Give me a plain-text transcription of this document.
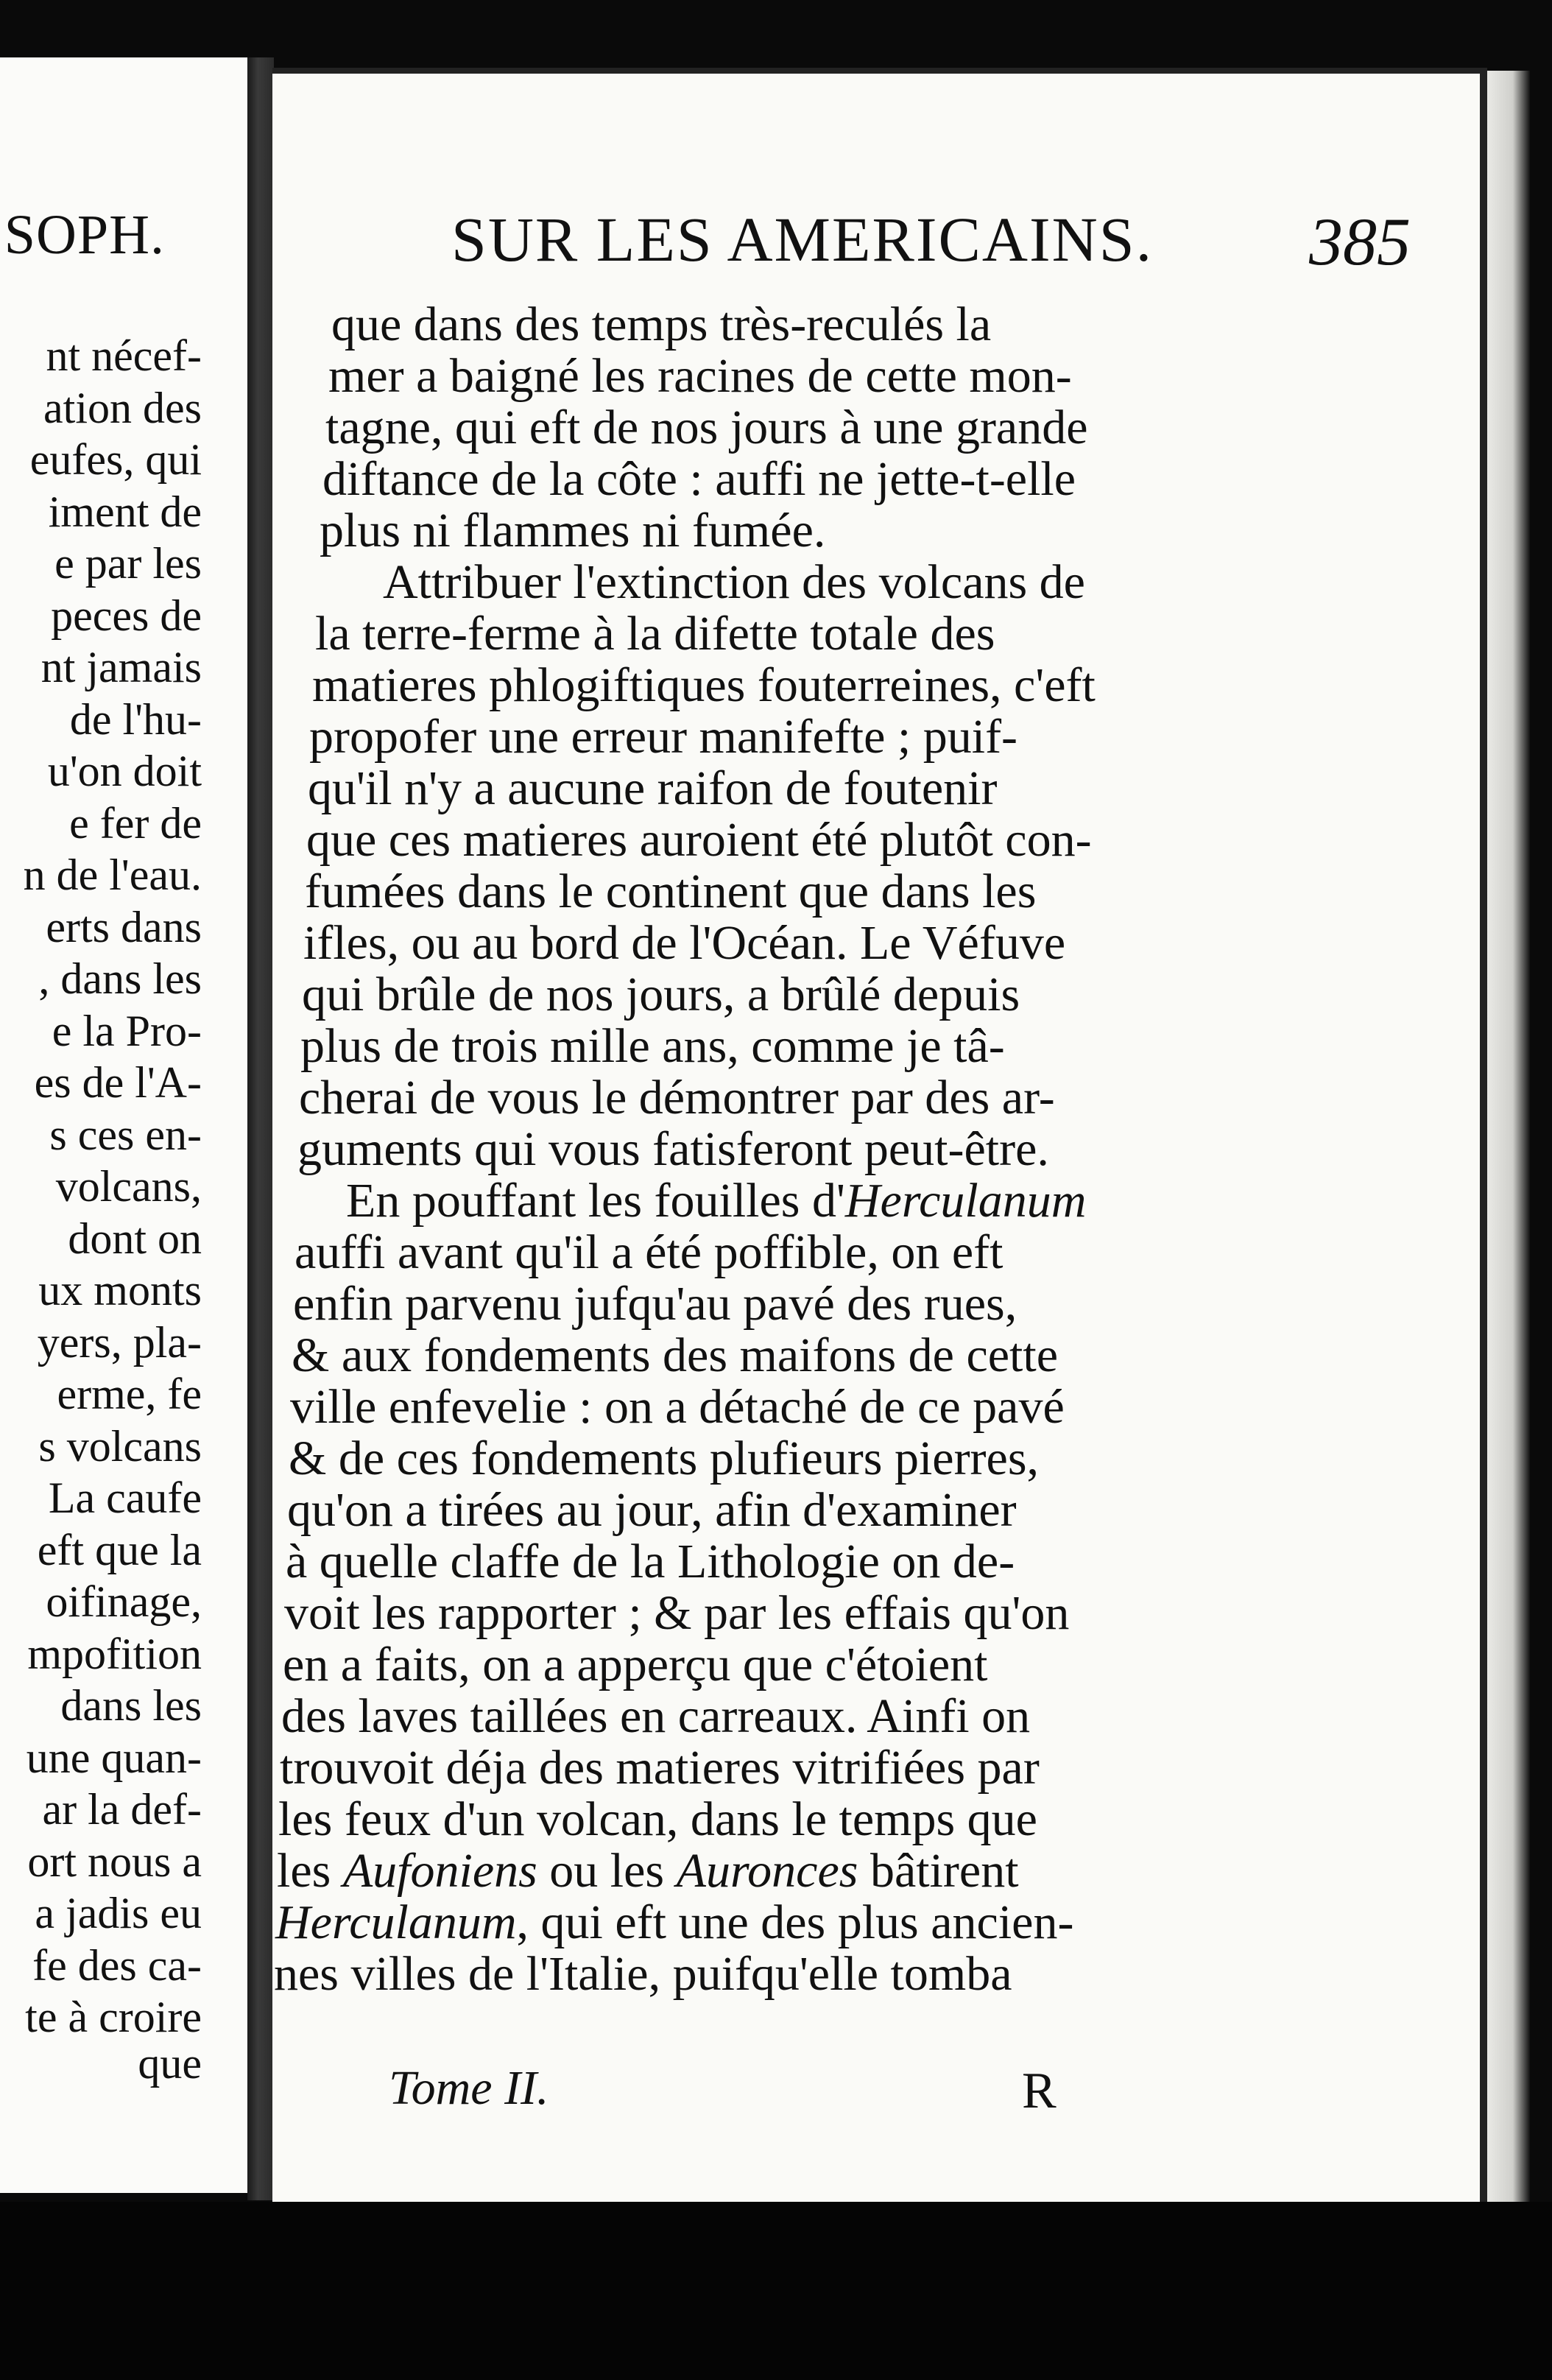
SOPH.
nt nécef-
ation des
eufes, qui
iment de
e par les
peces de
nt jamais
de l'hu-
u'on doit
e fer de
n de l'eau.
erts dans
, dans les
e la Pro-
es de l'A-
s ces en-
volcans,
dont on
ux monts
yers, pla-
erme, fe
s volcans
La caufe
eft que la
oifinage,
mpofition
dans les
une quan-
ar la def-
ort nous a
a jadis eu
fe des ca-
te à croire
que
SUR LES AMERICAINS. 385
que dans des temps très-reculés la
mer a baigné les racines de cette mon-
tagne, qui eft de nos jours à une grande
diftance de la côte : auffi ne jette-t-elle
plus ni flammes ni fumée.
Attribuer l'extinction des volcans de
la terre-ferme à la difette totale des
matieres phlogiftiques fouterreines, c'eft
propofer une erreur manifefte ; puif-
qu'il n'y a aucune raifon de foutenir
que ces matieres auroient été plutôt con-
fumées dans le continent que dans les
ifles, ou au bord de l'Océan. Le Véfuve
qui brûle de nos jours, a brûlé depuis
plus de trois mille ans, comme je tâ-
cherai de vous le démontrer par des ar-
guments qui vous fatisferont peut-être.
En pouffant les fouilles d'Herculanum
auffi avant qu'il a été poffible, on eft
enfin parvenu jufqu'au pavé des rues,
& aux fondements des maifons de cette
ville enfevelie : on a détaché de ce pavé
& de ces fondements plufieurs pierres,
qu'on a tirées au jour, afin d'examiner
à quelle claffe de la Lithologie on de-
voit les rapporter ; & par les effais qu'on
en a faits, on a apperçu que c'étoient
des laves taillées en carreaux. Ainfi on
trouvoit déja des matieres vitrifiées par
les feux d'un volcan, dans le temps que
les Aufoniens ou les Auronces bâtirent
Herculanum, qui eft une des plus ancien-
nes villes de l'Italie, puifqu'elle tomba
Tome II.	R
